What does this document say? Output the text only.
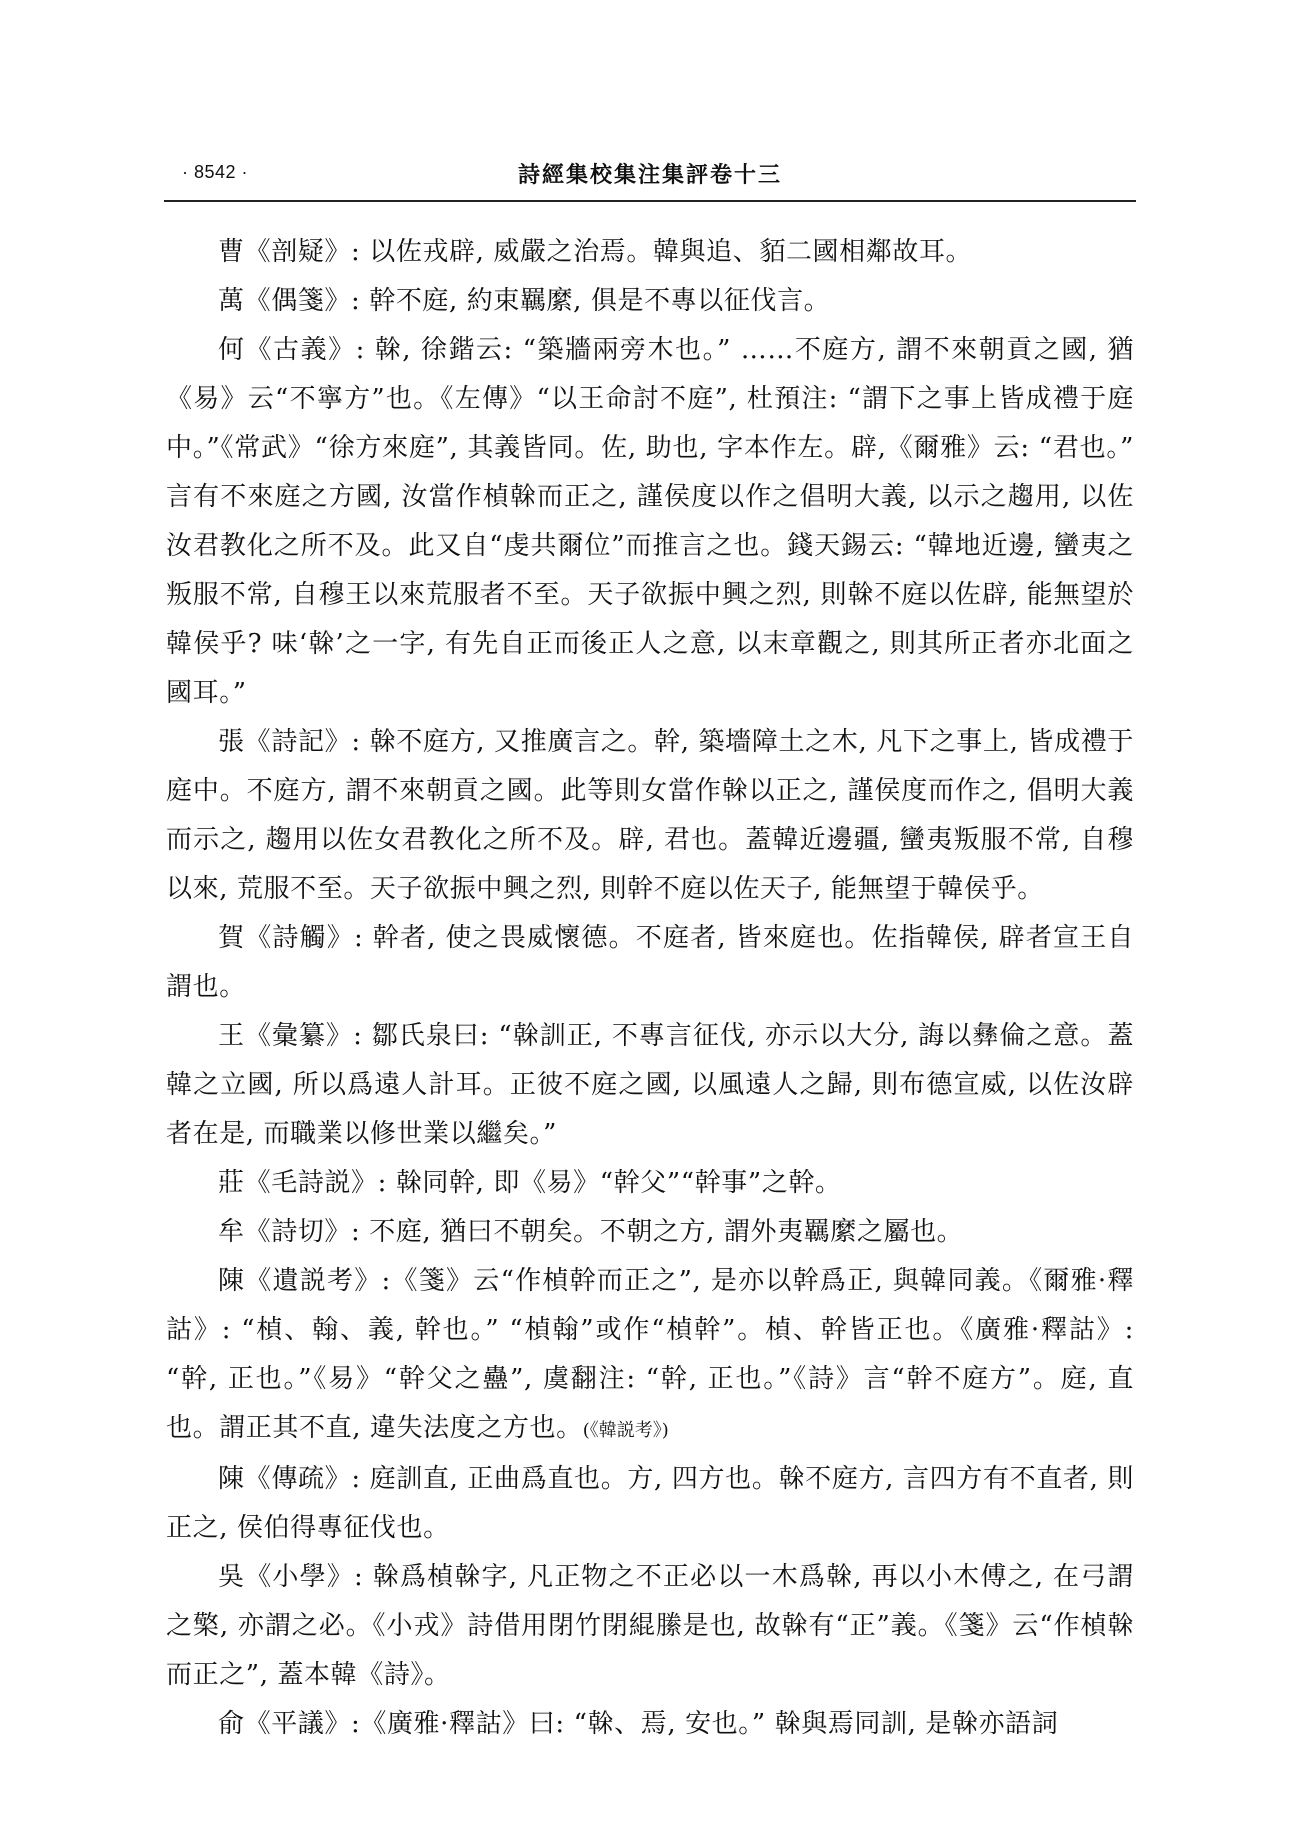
· 8542 ·	詩經集校集注集評卷十三

曹《剖疑》: 以佐戎辟, 威嚴之治焉。韓與追、貊二國相鄰故耳。

萬《偶箋》: 幹不庭, 約束羈縻, 俱是不專以征伐言。

何《古義》: 榦, 徐鍇云: “築牆兩旁木也。” ……不庭方, 謂不來朝貢之國, 猶《易》云“不寧方”也。《左傳》“以王命討不庭”, 杜預注: “謂下之事上皆成禮于庭中。”《常武》“徐方來庭”, 其義皆同。佐, 助也, 字本作左。辟,《爾雅》云: “君也。” 言有不來庭之方國, 汝當作楨榦而正之, 謹侯度以作之倡明大義, 以示之趨用, 以佐汝君教化之所不及。此又自“虔共爾位”而推言之也。錢天錫云: “韓地近邊, 蠻夷之叛服不常, 自穆王以來荒服者不至。天子欲振中興之烈, 則榦不庭以佐辟, 能無望於韓侯乎? 味‘榦’之一字, 有先自正而後正人之意, 以末章觀之, 則其所正者亦北面之國耳。”

張《詩記》: 榦不庭方, 又推廣言之。幹, 築墻障土之木, 凡下之事上, 皆成禮于庭中。不庭方, 謂不來朝貢之國。此等則女當作榦以正之, 謹侯度而作之, 倡明大義而示之, 趨用以佐女君教化之所不及。辟, 君也。蓋韓近邊疆, 蠻夷叛服不常, 自穆以來, 荒服不至。天子欲振中興之烈, 則幹不庭以佐天子, 能無望于韓侯乎。

賀《詩觸》: 幹者, 使之畏威懷德。不庭者, 皆來庭也。佐指韓侯, 辟者宣王自謂也。

王《彙纂》: 鄒氏泉曰: “榦訓正, 不專言征伐, 亦示以大分, 誨以彝倫之意。蓋韓之立國, 所以爲遠人計耳。正彼不庭之國, 以風遠人之歸, 則布德宣威, 以佐汝辟者在是, 而職業以修世業以繼矣。”

莊《毛詩説》: 榦同幹, 即《易》“幹父”“幹事”之幹。

牟《詩切》: 不庭, 猶曰不朝矣。不朝之方, 謂外夷羈縻之屬也。

陳《遺説考》:《箋》云“作楨幹而正之”, 是亦以幹爲正, 與韓同義。《爾雅·釋詁》: “楨、翰、義, 幹也。” “楨翰”或作“楨幹”。楨、幹皆正也。《廣雅·釋詁》: “幹, 正也。”《易》“幹父之蠱”, 虞翻注: “幹, 正也。”《詩》言“幹不庭方”。庭, 直也。謂正其不直, 違失法度之方也。(《韓説考》)

陳《傳疏》: 庭訓直, 正曲爲直也。方, 四方也。榦不庭方, 言四方有不直者, 則正之, 侯伯得專征伐也。

吳《小學》: 榦爲楨榦字, 凡正物之不正必以一木爲榦, 再以小木傅之, 在弓謂之檠, 亦謂之必。《小戎》詩借用閉竹閉緄縢是也, 故榦有“正”義。《箋》云“作楨榦而正之”, 蓋本韓《詩》。

俞《平議》:《廣雅·釋詁》曰: “榦、焉, 安也。” 榦與焉同訓, 是榦亦語詞
